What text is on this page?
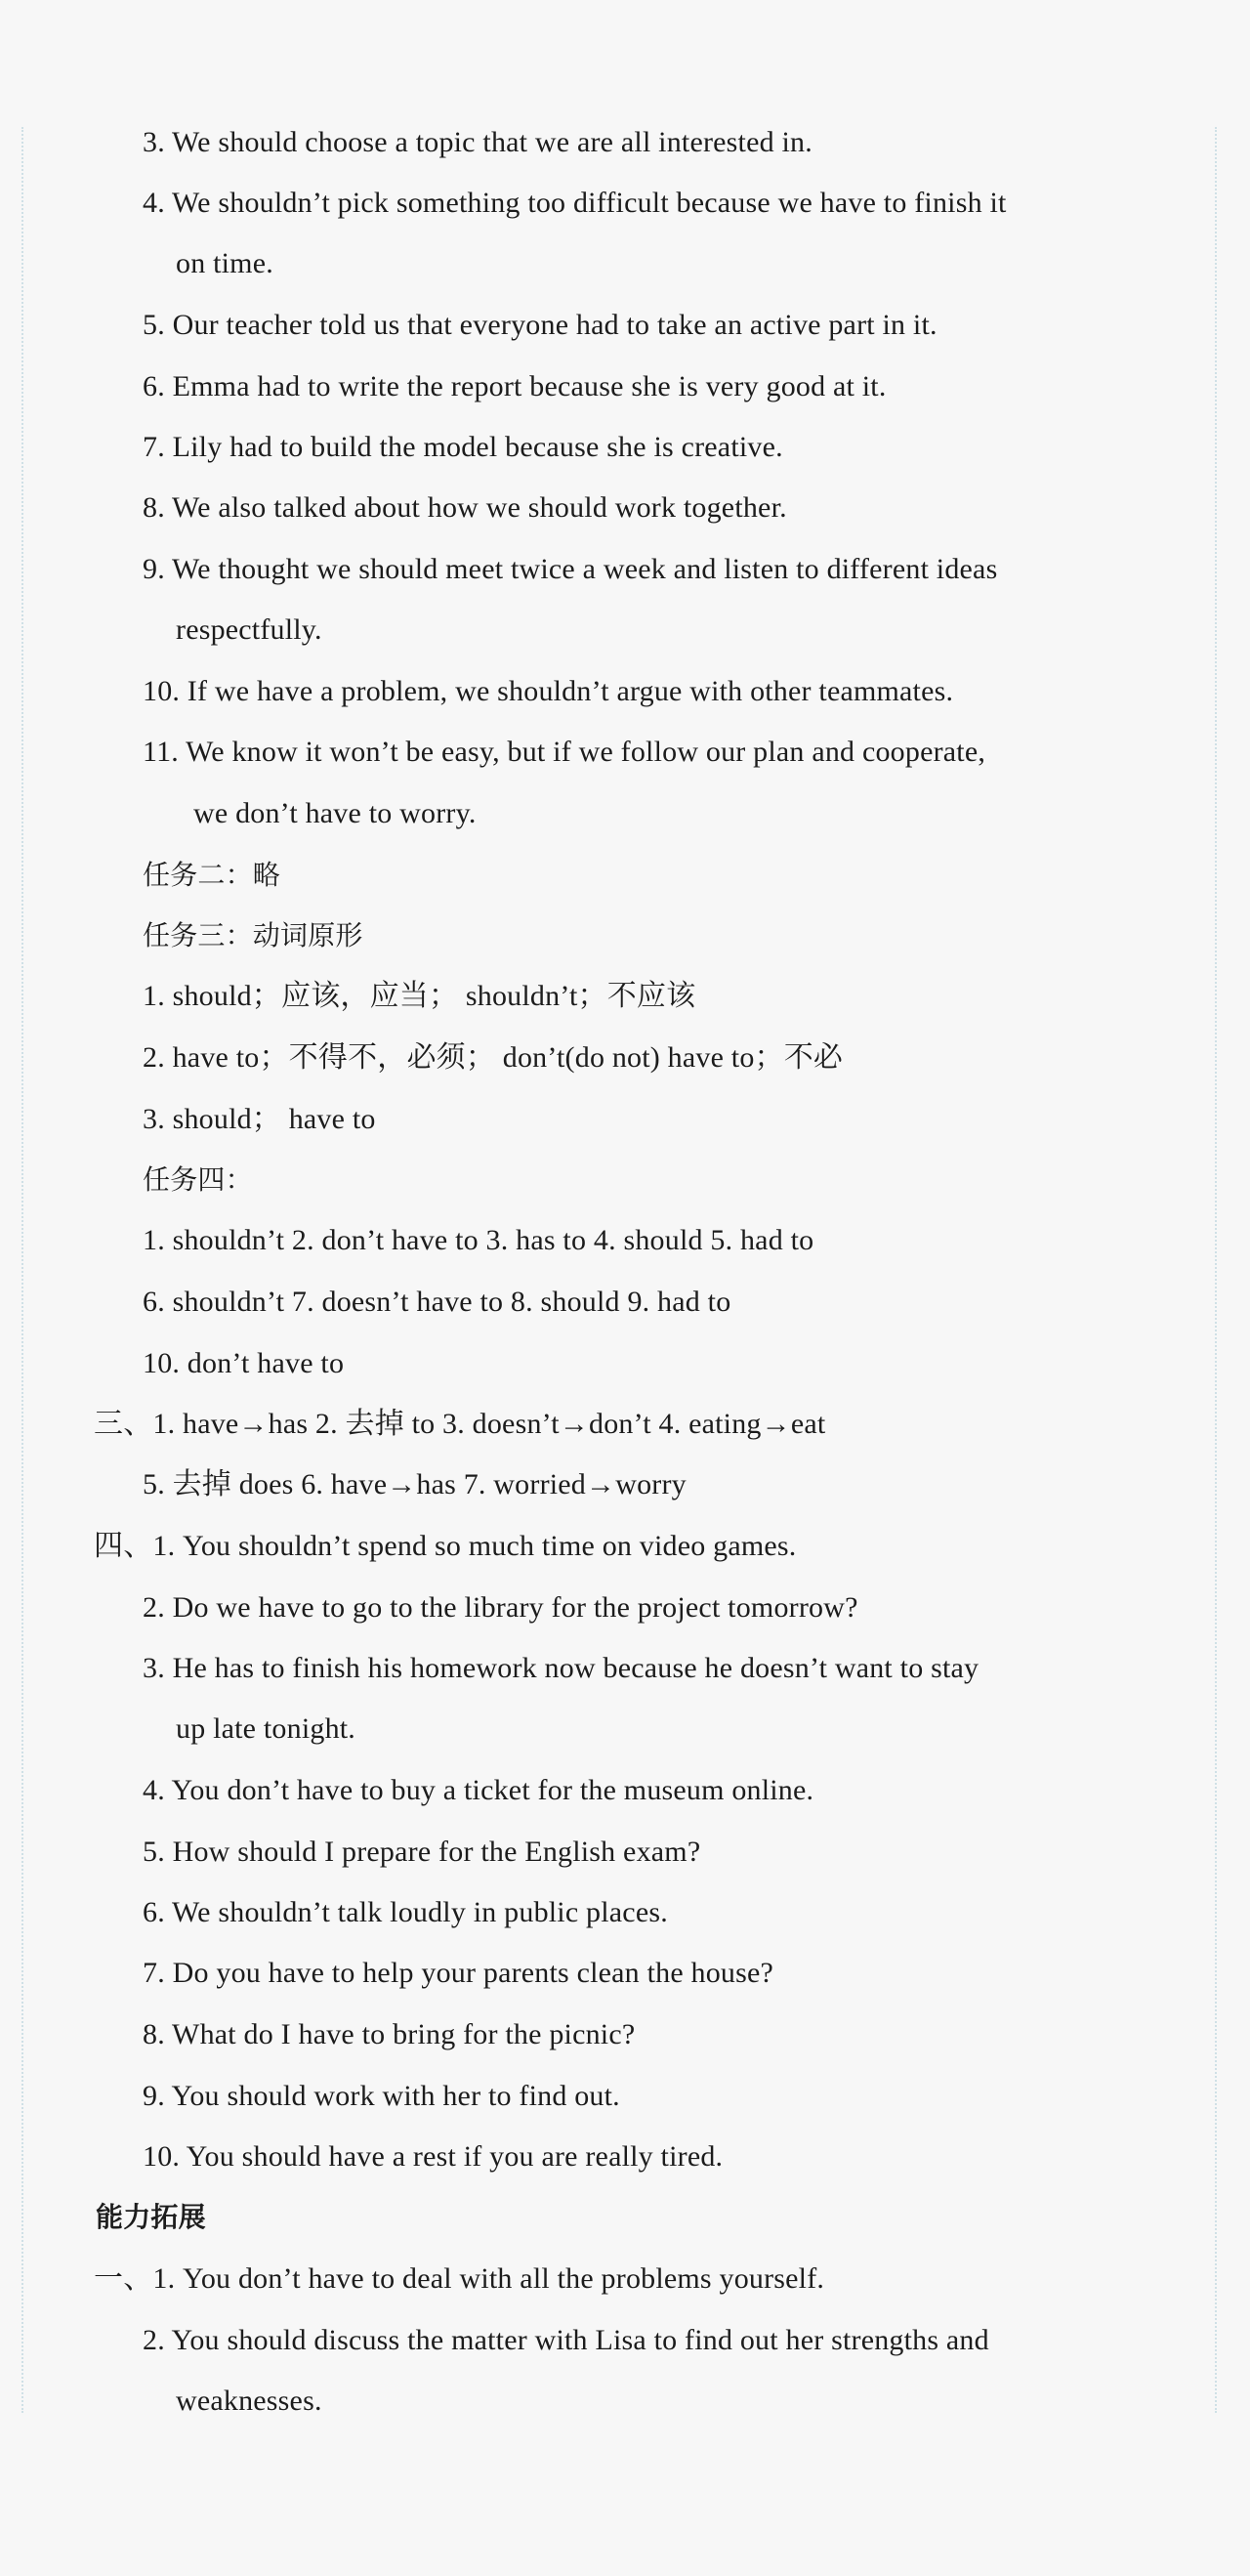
3. We should choose a topic that we are all interested in.
4. We shouldn’t pick something too difficult because we have to finish it
on time.
5. Our teacher told us that everyone had to take an active part in it.
6. Emma had to write the report because she is very good at it.
7. Lily had to build the model because she is creative.
8. We also talked about how we should work together.
9. We thought we should meet twice a week and listen to different ideas
respectfully.
10. If we have a problem, we shouldn’t argue with other teammates.
11. We know it won’t be easy, but if we follow our plan and cooperate,
we don’t have to worry.
任务二：略
任务三：动词原形
1. should；应该，应当； shouldn’t；不应该
2. have to；不得不，必须； don’t(do not) have to；不必
3. should； have to
任务四：
1. shouldn’t 2. don’t have to 3. has to 4. should 5. had to
6. shouldn’t 7. doesn’t have to 8. should 9. had to
10. don’t have to
三、1. have→has 2. 去掉 to 3. doesn’t→don’t 4. eating→eat
5. 去掉 does 6. have→has 7. worried→worry
四、1. You shouldn’t spend so much time on video games.
2. Do we have to go to the library for the project tomorrow?
3. He has to finish his homework now because he doesn’t want to stay
up late tonight.
4. You don’t have to buy a ticket for the museum online.
5. How should I prepare for the English exam?
6. We shouldn’t talk loudly in public places.
7. Do you have to help your parents clean the house?
8. What do I have to bring for the picnic?
9. You should work with her to find out.
10. You should have a rest if you are really tired.
能力拓展
一、1. You don’t have to deal with all the problems yourself.
2. You should discuss the matter with Lisa to find out her strengths and
weaknesses.
